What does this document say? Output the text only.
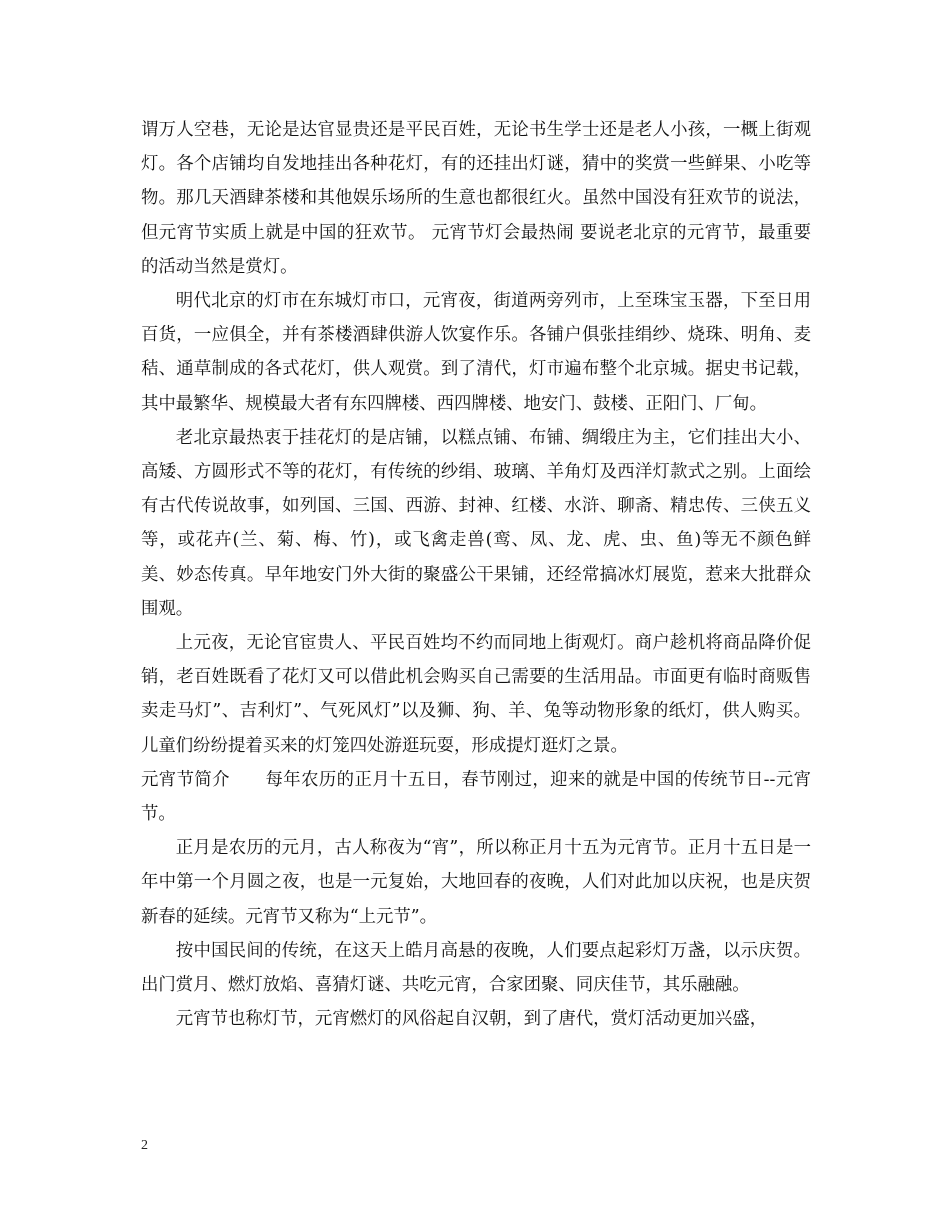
谓万人空巷，无论是达官显贵还是平民百姓，无论书生学士还是老人小孩，一概上街观灯。各个店铺均自发地挂出各种花灯，有的还挂出灯谜，猜中的奖赏一些鲜果、小吃等物。那几天酒肆茶楼和其他娱乐场所的生意也都很红火。虽然中国没有狂欢节的说法，但元宵节实质上就是中国的狂欢节。 元宵节灯会最热闹 要说老北京的元宵节，最重要的活动当然是赏灯。

明代北京的灯市在东城灯市口，元宵夜，街道两旁列市，上至珠宝玉器，下至日用百货，一应俱全，并有茶楼酒肆供游人饮宴作乐。各铺户俱张挂绢纱、烧珠、明角、麦秸、通草制成的各式花灯，供人观赏。到了清代，灯市遍布整个北京城。据史书记载，其中最繁华、规模最大者有东四牌楼、西四牌楼、地安门、鼓楼、正阳门、厂甸。

老北京最热衷于挂花灯的是店铺，以糕点铺、布铺、绸缎庄为主，它们挂出大小、高矮、方圆形式不等的花灯，有传统的纱绢、玻璃、羊角灯及西洋灯款式之别。上面绘有古代传说故事，如列国、三国、西游、封神、红楼、水浒、聊斋、精忠传、三侠五义等，或花卉(兰、菊、梅、竹)，或飞禽走兽(鸾、凤、龙、虎、虫、鱼)等无不颜色鲜美、妙态传真。早年地安门外大街的聚盛公干果铺，还经常搞冰灯展览，惹来大批群众围观。

上元夜，无论官宦贵人、平民百姓均不约而同地上街观灯。商户趁机将商品降价促销，老百姓既看了花灯又可以借此机会购买自己需要的生活用品。市面更有临时商贩售卖走马灯”、吉利灯”、气死风灯”以及狮、狗、羊、兔等动物形象的纸灯，供人购买。儿童们纷纷提着买来的灯笼四处游逛玩耍，形成提灯逛灯之景。

元宵节简介      每年农历的正月十五日，春节刚过，迎来的就是中国的传统节日--元宵节。

正月是农历的元月，古人称夜为“宵”，所以称正月十五为元宵节。正月十五日是一年中第一个月圆之夜，也是一元复始，大地回春的夜晚，人们对此加以庆祝，也是庆贺新春的延续。元宵节又称为“上元节”。

按中国民间的传统，在这天上皓月高悬的夜晚，人们要点起彩灯万盏，以示庆贺。出门赏月、燃灯放焰、喜猜灯谜、共吃元宵，合家团聚、同庆佳节，其乐融融。

元宵节也称灯节，元宵燃灯的风俗起自汉朝，到了唐代，赏灯活动更加兴盛，

2
